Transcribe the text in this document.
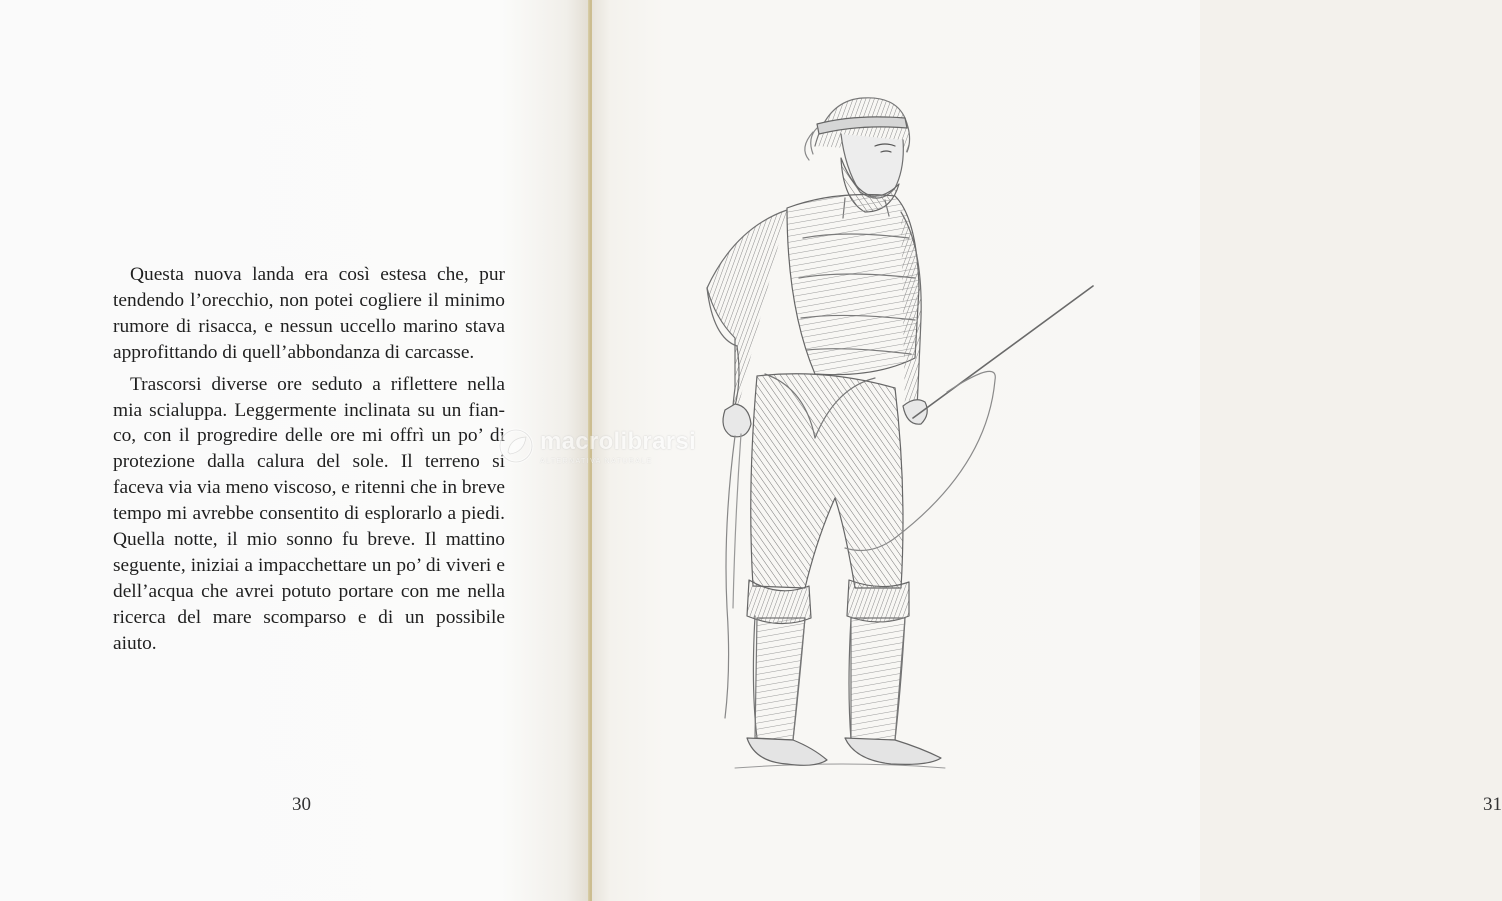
Questa nuova landa era così estesa che, pur tendendo l’orecchio, non potei cogliere il minimo rumore di risacca, e nessun uccello marino stava approfittando di quell’abbondanza di carcasse.

Trascorsi diverse ore seduto a riflettere nella mia scialuppa. Leggermente inclinata su un fianco, con il progredire delle ore mi offrì un po’ di protezione dalla calura del sole. Il terreno si faceva via via meno viscoso, e ritenni che in breve tempo mi avrebbe consentito di esplorarlo a piedi. Quella notte, il mio sonno fu breve. Il mattino seguente, iniziai a impacchettare un po’ di viveri e dell’acqua che avrei potuto portare con me nella ricerca del mare scomparso e di un possibile aiuto.

30	31
macrolibrarsi
ALTERNATIVA NATURALE
